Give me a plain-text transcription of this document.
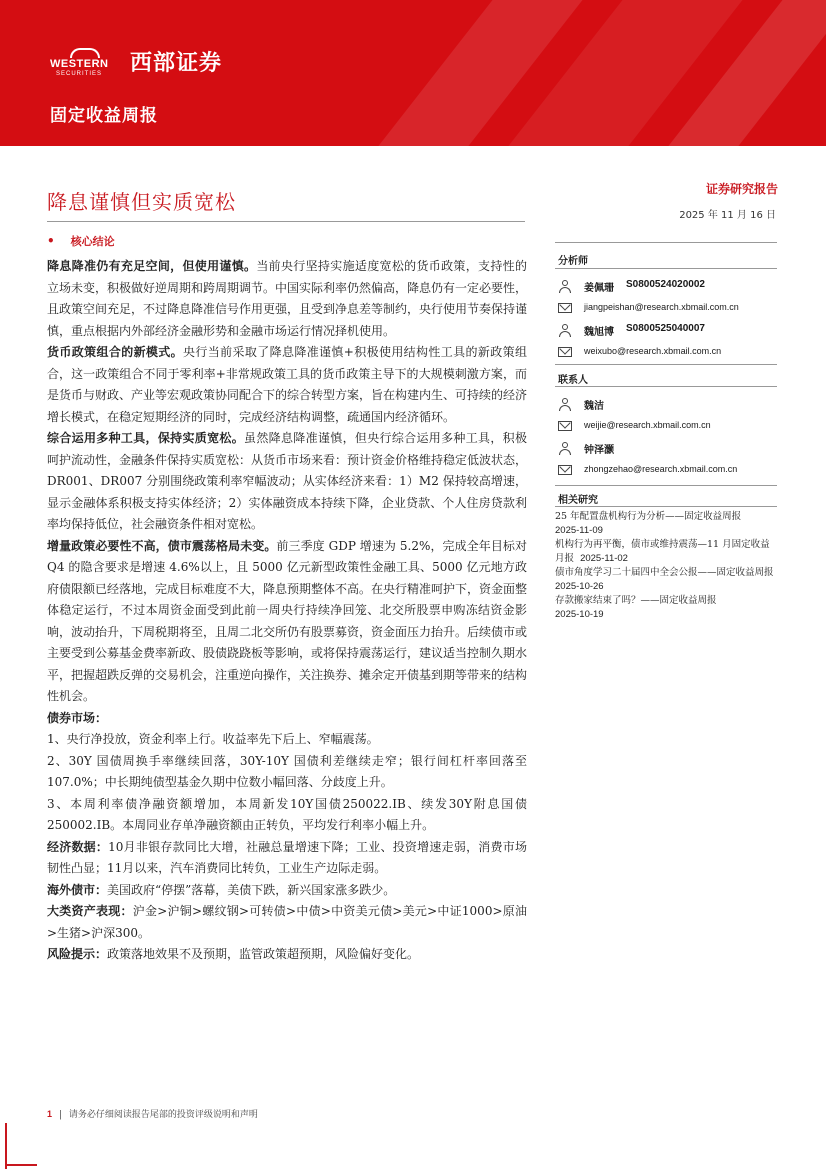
WESTERN
SECURITIES 西部证券
固定收益周报
降息谨慎但实质宽松
证券研究报告
2025 年 11 月 16 日
• 核心结论

降息降准仍有充足空间，但使用谨慎。当前央行坚持实施适度宽松的货币政策，支持性的立场未变，积极做好逆周期和跨周期调节。中国实际利率仍然偏高，降息仍有一定必要性，且政策空间充足，不过降息降准信号作用更强，且受到净息差等制约，央行使用节奏保持谨慎，重点根据内外部经济金融形势和金融市场运行情况择机使用。

货币政策组合的新模式。央行当前采取了降息降准谨慎+积极使用结构性工具的新政策组合，这一政策组合不同于零利率+非常规政策工具的货币政策主导下的大规模刺激方案，而是货币与财政、产业等宏观政策协同配合下的综合转型方案，旨在构建内生、可持续的经济增长模式，在稳定短期经济的同时，完成经济结构调整，疏通国内经济循环。

综合运用多种工具，保持实质宽松。虽然降息降准谨慎，但央行综合运用多种工具，积极呵护流动性，金融条件保持实质宽松：从货币市场来看：预计资金价格维持稳定低波状态，DR001、DR007 分别围绕政策利率窄幅波动；从实体经济来看：1）M2 保持较高增速，显示金融体系积极支持实体经济；2）实体融资成本持续下降，企业贷款、个人住房贷款利率均保持低位，社会融资条件相对宽松。

增量政策必要性不高，债市震荡格局未变。前三季度 GDP 增速为 5.2%，完成全年目标对 Q4 的隐含要求是增速 4.6%以上，且 5000 亿元新型政策性金融工具、5000 亿元地方政府债限额已经落地，完成目标难度不大，降息预期整体不高。在央行精准呵护下，资金面整体稳定运行，不过本周资金面受到此前一周央行持续净回笼、北交所股票申购冻结资金影响，波动抬升，下周税期将至，且周二北交所仍有股票募资，资金面压力抬升。后续债市或主要受到公募基金费率新政、股债跷跷板等影响，或将保持震荡运行，建议适当控制久期水平，把握超跌反弹的交易机会，注重逆向操作，关注换券、摊余定开债基到期等带来的结构性机会。

债券市场：

1、央行净投放，资金利率上行。收益率先下后上、窄幅震荡。

2、30Y 国债周换手率继续回落，30Y-10Y 国债利差继续走窄；银行间杠杆率回落至107.0%；中长期纯债型基金久期中位数小幅回落、分歧度上升。

3、本周利率债净融资额增加，本周新发10Y国债250022.IB、续发30Y附息国债250002.IB。本周同业存单净融资额由正转负，平均发行利率小幅上升。

经济数据：10月非银存款同比大增，社融总量增速下降；工业、投资增速走弱，消费市场韧性凸显；11月以来，汽车消费同比转负，工业生产边际走弱。

海外债市：美国政府“停摆”落幕，美债下跌，新兴国家涨多跌少。

大类资产表现：沪金>沪铜>螺纹钢>可转债>中债>中资美元债>美元>中证1000>原油>生猪>沪深300。

风险提示：政策落地效果不及预期，监管政策超预期，风险偏好变化。

分析师
姜佩珊 S0800524020002
jiangpeishan@research.xbmail.com.cn
魏旭博 S0800525040007
weixubo@research.xbmail.com.cn
联系人
魏洁
weijie@research.xbmail.com.cn
钟泽灏
zhongzehao@research.xbmail.com.cn
相关研究
25 年配置盘机构行为分析——固定收益周报
2025-11-09
机构行为再平衡，债市或维持震荡—11 月固定收益月报 2025-11-02
债市角度学习二十届四中全会公报——固定收益周报  2025-10-26
存款搬家结束了吗？——固定收益周报
2025-10-19
1 | 请务必仔细阅读报告尾部的投资评级说明和声明
